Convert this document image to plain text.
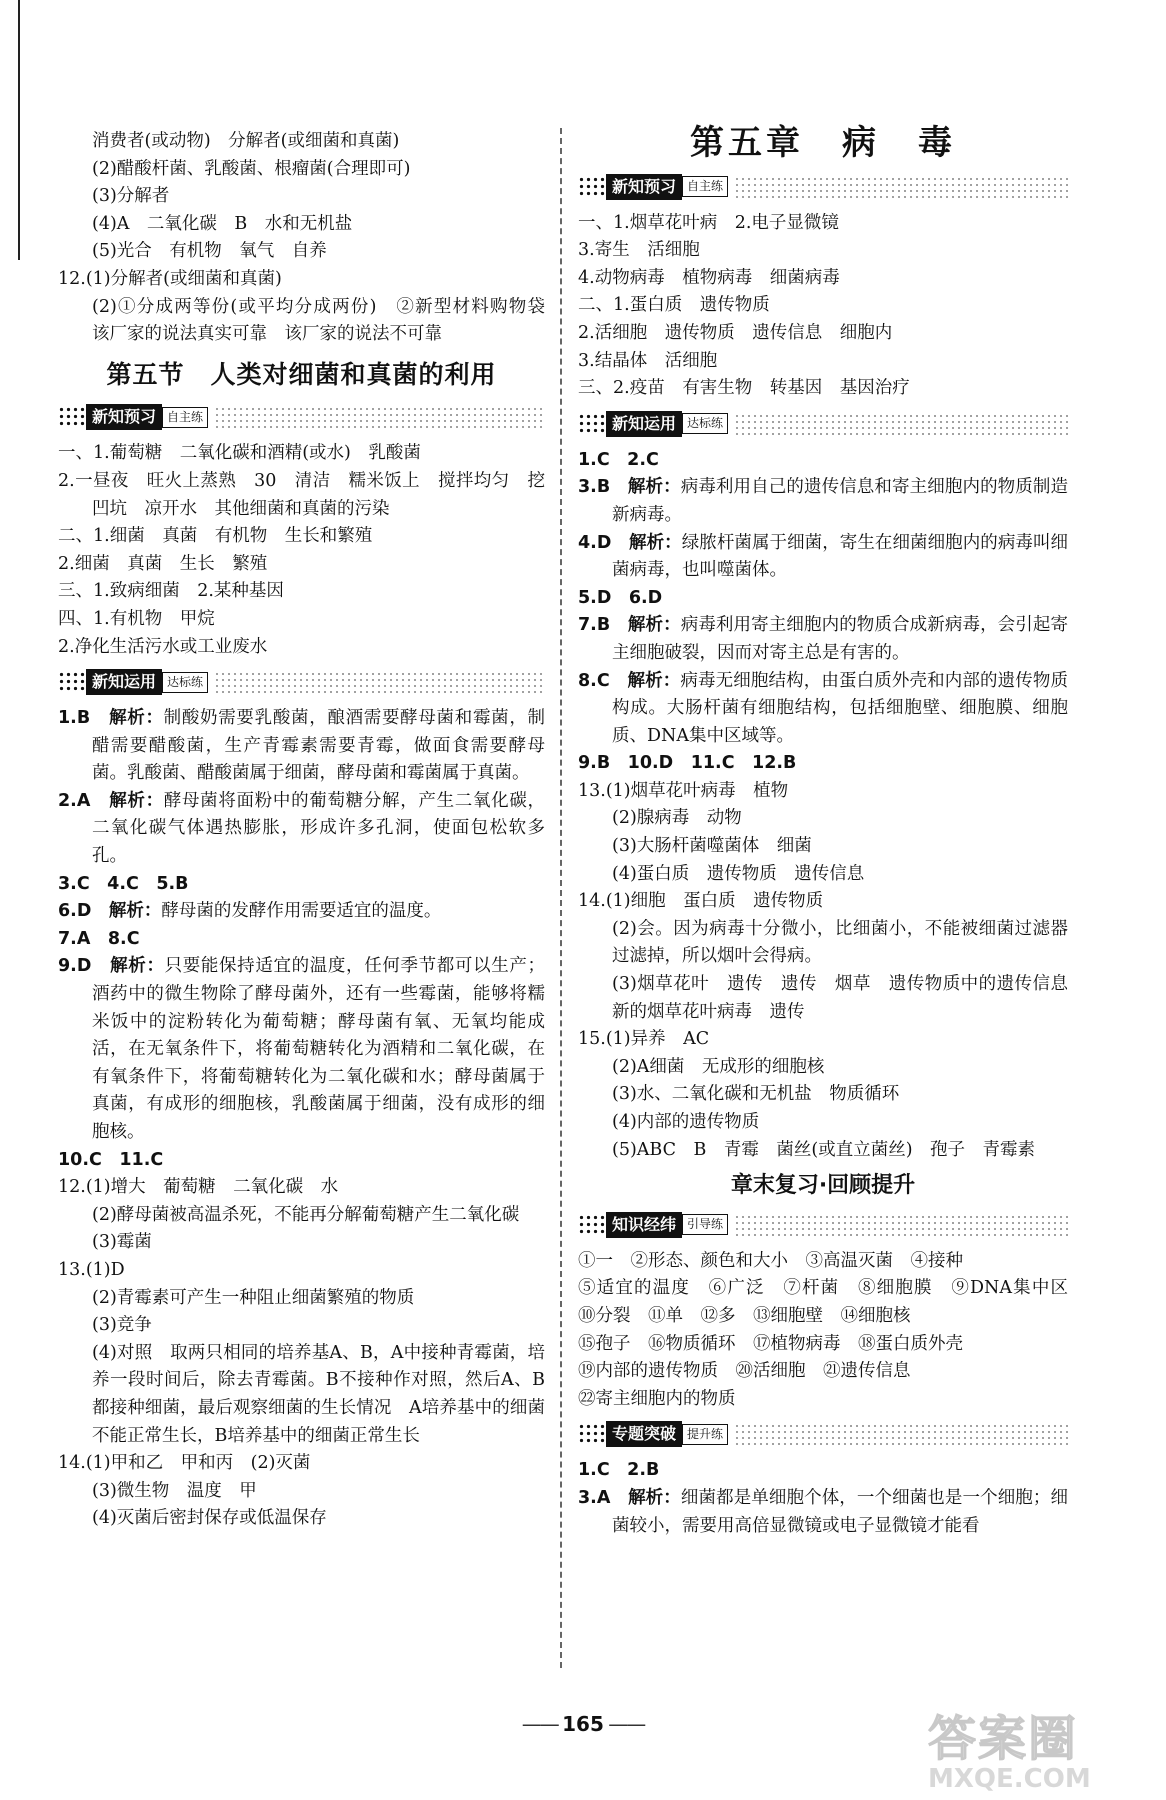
消费者(或动物)　分解者(或细菌和真菌)

(2)醋酸杆菌、乳酸菌、根瘤菌(合理即可)

(3)分解者

(4)A　二氧化碳　B　水和无机盐

(5)光合　有机物　氧气　自养

12.(1)分解者(或细菌和真菌)

(2)①分成两等份(或平均分成两份)　②新型材料购物袋　该厂家的说法真实可靠　该厂家的说法不可靠

第五节　人类对细菌和真菌的利用
新知预习 自主练

一、1.葡萄糖　二氧化碳和酒精(或水)　乳酸菌

2.一昼夜　旺火上蒸熟　30　清洁　糯米饭上　搅拌均匀　挖凹坑　凉开水　其他细菌和真菌的污染

二、1.细菌　真菌　有机物　生长和繁殖

2.细菌　真菌　生长　繁殖

三、1.致病细菌　2.某种基因

四、1.有机物　甲烷

2.净化生活污水或工业废水

新知运用 达标练

1.B　 解析：制酸奶需要乳酸菌，酿酒需要酵母菌和霉菌，制醋需要醋酸菌，生产青霉素需要青霉，做面食需要酵母菌。乳酸菌、醋酸菌属于细菌，酵母菌和霉菌属于真菌。

2.A　 解析：酵母菌将面粉中的葡萄糖分解，产生二氧化碳，二氧化碳气体遇热膨胀，形成许多孔洞，使面包松软多孔。

3.C　4.C　5.B

6.D　 解析：酵母菌的发酵作用需要适宜的温度。

7.A　8.C

9.D　 解析：只要能保持适宜的温度，任何季节都可以生产；酒药中的微生物除了酵母菌外，还有一些霉菌，能够将糯米饭中的淀粉转化为葡萄糖；酵母菌有氧、无氧均能成活，在无氧条件下，将葡萄糖转化为酒精和二氧化碳，在有氧条件下，将葡萄糖转化为二氧化碳和水；酵母菌属于真菌，有成形的细胞核，乳酸菌属于细菌，没有成形的细胞核。

10.C　11.C

12.(1)增大　葡萄糖　二氧化碳　水

(2)酵母菌被高温杀死，不能再分解葡萄糖产生二氧化碳

(3)霉菌

13.(1)D

(2)青霉素可产生一种阻止细菌繁殖的物质

(3)竞争

(4)对照　取两只相同的培养基A、B，A中接种青霉菌，培养一段时间后，除去青霉菌。B不接种作对照，然后A、B都接种细菌，最后观察细菌的生长情况　A培养基中的细菌不能正常生长，B培养基中的细菌正常生长

14.(1)甲和乙　甲和丙　(2)灭菌

(3)微生物　温度　甲

(4)灭菌后密封保存或低温保存

第五章　病　毒
新知预习 自主练

一、1.烟草花叶病　2.电子显微镜

3.寄生　活细胞

4.动物病毒　植物病毒　细菌病毒

二、1.蛋白质　遗传物质

2.活细胞　遗传物质　遗传信息　细胞内

3.结晶体　活细胞

三、2.疫苗　有害生物　转基因　基因治疗

新知运用 达标练

1.C　2.C

3.B　 解析：病毒利用自己的遗传信息和寄主细胞内的物质制造新病毒。

4.D　 解析：绿脓杆菌属于细菌，寄生在细菌细胞内的病毒叫细菌病毒，也叫噬菌体。

5.D　6.D

7.B　 解析：病毒利用寄主细胞内的物质合成新病毒，会引起寄主细胞破裂，因而对寄主总是有害的。

8.C　 解析：病毒无细胞结构，由蛋白质外壳和内部的遗传物质构成。大肠杆菌有细胞结构，包括细胞壁、细胞膜、细胞质、DNA集中区域等。

9.B　10.D　11.C　12.B

13.(1)烟草花叶病毒　植物

(2)腺病毒　动物

(3)大肠杆菌噬菌体　细菌

(4)蛋白质　遗传物质　遗传信息

14.(1)细胞　蛋白质　遗传物质

(2)会。因为病毒十分微小，比细菌小，不能被细菌过滤器过滤掉，所以烟叶会得病。

(3)烟草花叶　遗传　遗传　烟草　遗传物质中的遗传信息　新的烟草花叶病毒　遗传

15.(1)异养　AC

(2)A细菌　无成形的细胞核

(3)水、二氧化碳和无机盐　物质循环

(4)内部的遗传物质

(5)ABC　B　青霉　菌丝(或直立菌丝)　孢子　青霉素

章末复习·回顾提升
知识经纬 引导练

①一　②形态、颜色和大小　③高温灭菌　④接种

⑤适宜的温度　⑥广泛　⑦杆菌　⑧细胞膜　⑨DNA集中区　⑩分裂　⑪单　⑫多　⑬细胞壁　⑭细胞核

⑮孢子　⑯物质循环　⑰植物病毒　⑱蛋白质外壳

⑲内部的遗传物质　⑳活细胞　㉑遗传信息

㉒寄主细胞内的物质

专题突破 提升练

1.C　2.B

3.A　 解析：细菌都是单细胞个体，一个细菌也是一个细胞；细菌较小，需要用高倍显微镜或电子显微镜才能看

—— 165 ——	答案圈
MXQE.COM
